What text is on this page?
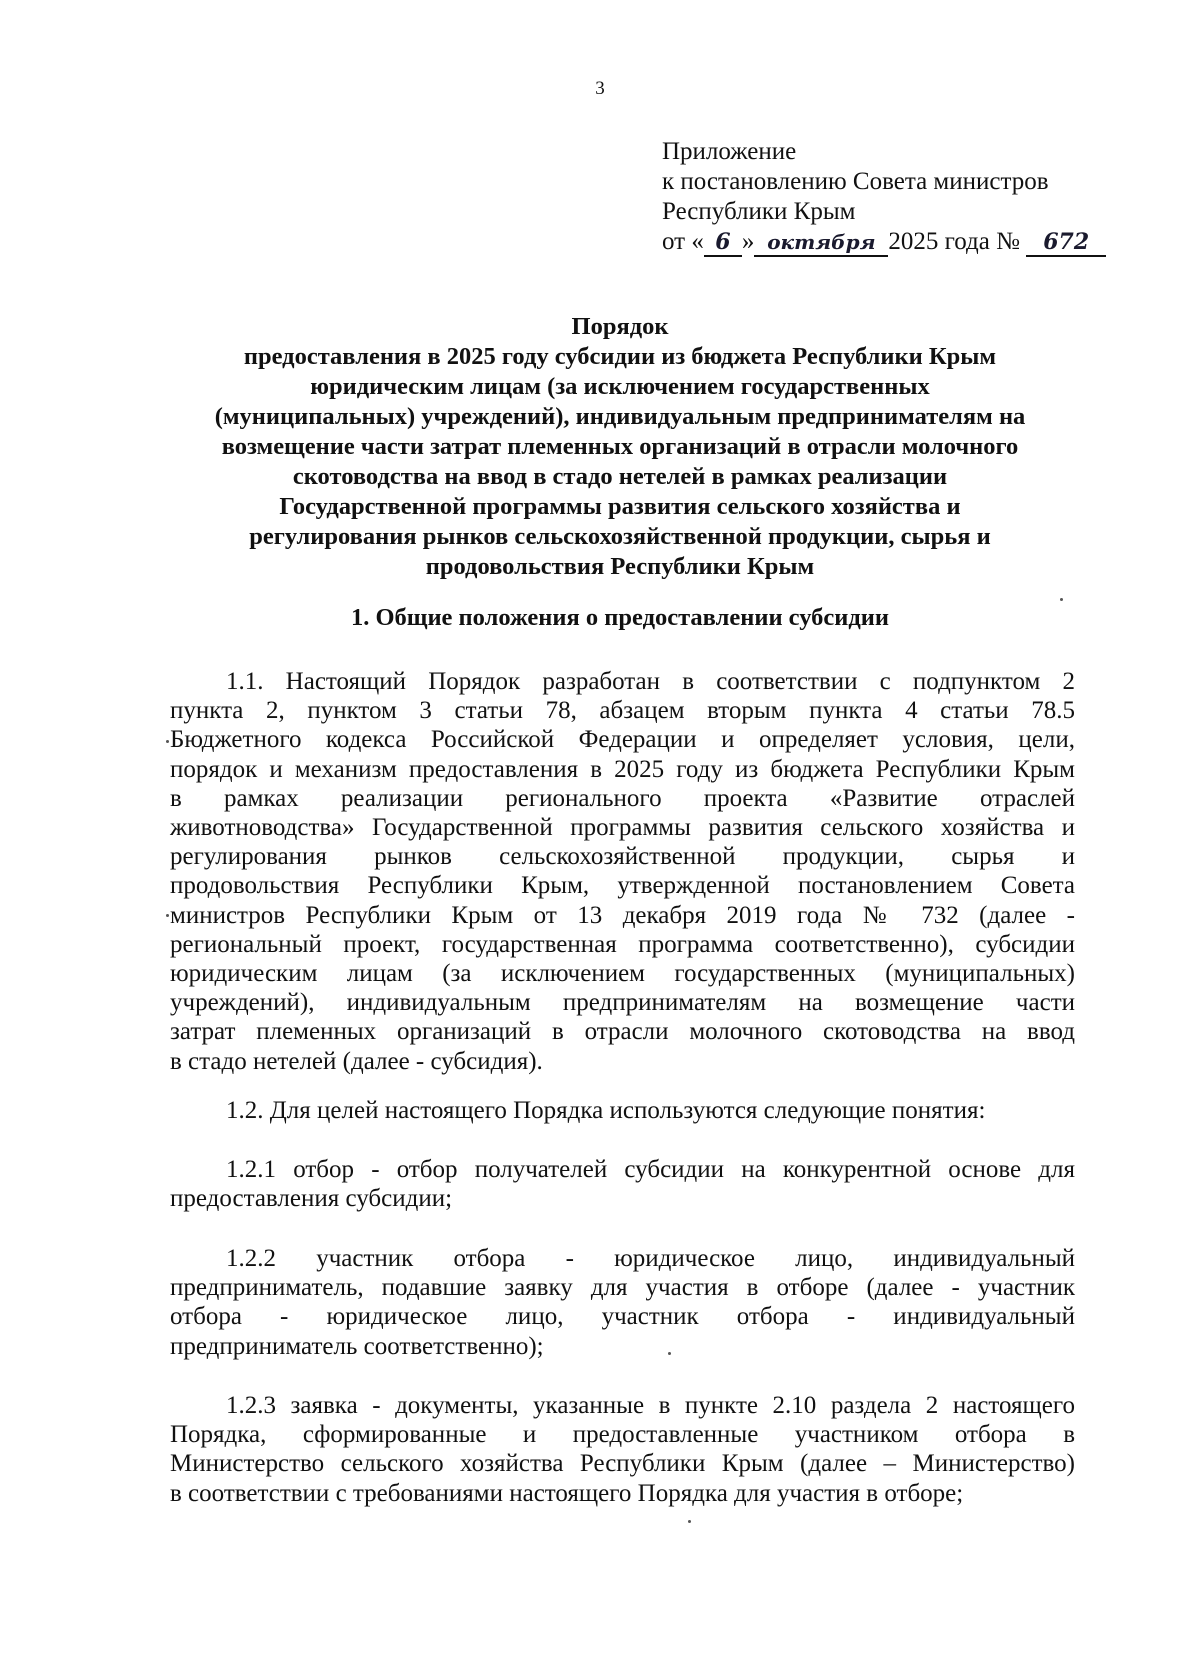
3
Приложение
к постановлению Совета министров
Республики Крым
от « 6 » октября 2025 года № 672
Порядок
предоставления в 2025 году субсидии из бюджета Республики Крым
юридическим лицам (за исключением государственных
(муниципальных) учреждений), индивидуальным предпринимателям на
возмещение части затрат племенных организаций в отрасли молочного
скотоводства на ввод в стадо нетелей в рамках реализации
Государственной программы развития сельского хозяйства и
регулирования рынков сельскохозяйственной продукции, сырья и
продовольствия Республики Крым
1. Общие положения о предоставлении субсидии
1.1. Настоящий Порядок разработан в соответствии с подпунктом 2
пункта 2, пунктом 3 статьи 78, абзацем вторым пункта 4 статьи 78.5
Бюджетного кодекса Российской Федерации и определяет условия, цели,
порядок и механизм предоставления в 2025 году из бюджета Республики Крым
в рамках реализации регионального проекта «Развитие отраслей
животноводства» Государственной программы развития сельского хозяйства и
регулирования рынков сельскохозяйственной продукции, сырья и
продовольствия Республики Крым, утвержденной постановлением Совета
министров Республики Крым от 13 декабря 2019 года № 732 (далее -
региональный проект, государственная программа соответственно), субсидии
юридическим лицам (за исключением государственных (муниципальных)
учреждений), индивидуальным предпринимателям на возмещение части
затрат племенных организаций в отрасли молочного скотоводства на ввод
в стадо нетелей (далее - субсидия).
1.2. Для целей настоящего Порядка используются следующие понятия:
1.2.1 отбор - отбор получателей субсидии на конкурентной основе для
предоставления субсидии;
1.2.2 участник отбора - юридическое лицо, индивидуальный
предприниматель, подавшие заявку для участия в отборе (далее - участник
отбора - юридическое лицо, участник отбора - индивидуальный
предприниматель соответственно);
1.2.3 заявка - документы, указанные в пункте 2.10 раздела 2 настоящего
Порядка, сформированные и предоставленные участником отбора в
Министерство сельского хозяйства Республики Крым (далее – Министерство)
в соответствии с требованиями настоящего Порядка для участия в отборе;
